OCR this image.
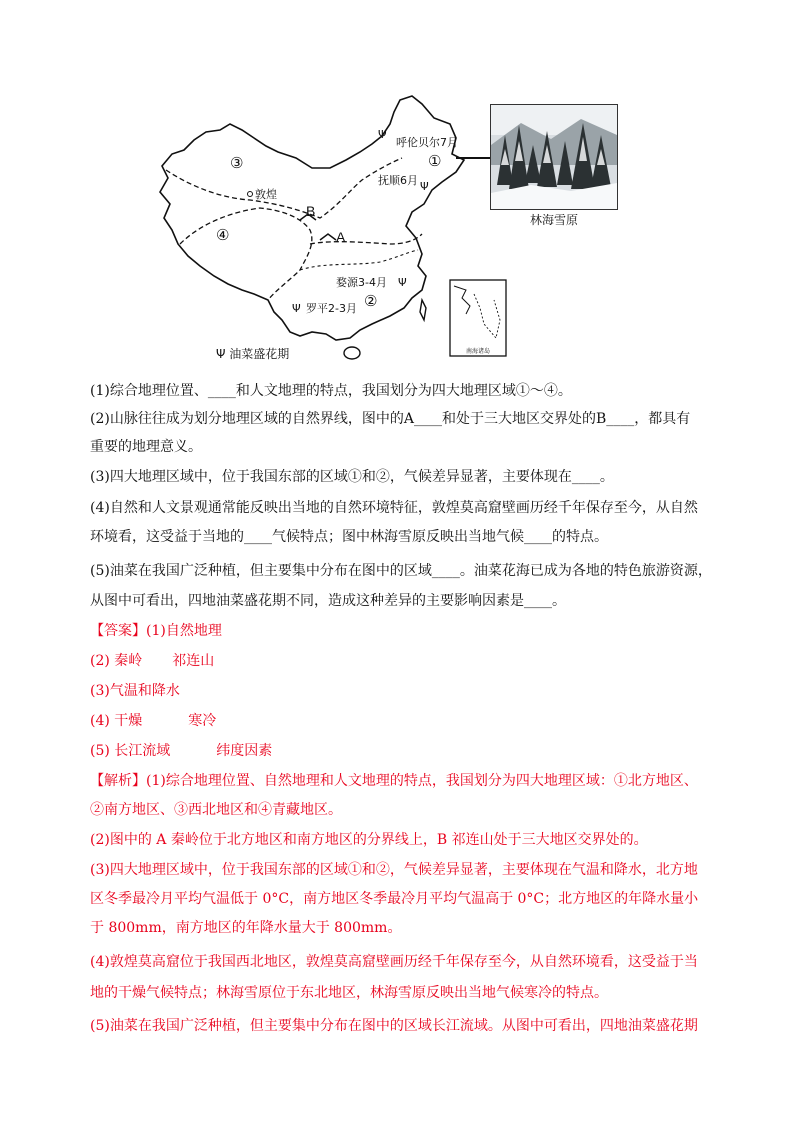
③
④
①
②
A
B
Ψ
呼伦贝尔7月
抚顺6月 Ψ
敦煌
婺源3-4月 Ψ
Ψ 罗平2-3月
南海诸岛
林海雪原
Ψ 油菜盛花期
(1)综合地理位置、____和人文地理的特点，我国划分为四大地理区域①～④。
(2)山脉往往成为划分地理区域的自然界线，图中的A____和处于三大地区交界处的B____，都具有
重要的地理意义。
(3)四大地理区域中，位于我国东部的区域①和②，气候差异显著，主要体现在____。
(4)自然和人文景观通常能反映出当地的自然环境特征，敦煌莫高窟壁画历经千年保存至今，从自然
环境看，这受益于当地的____气候特点；图中林海雪原反映出当地气候____的特点。
(5)油菜在我国广泛种植，但主要集中分布在图中的区域____。油菜花海已成为各地的特色旅游资源，
从图中可看出，四地油菜盛花期不同，造成这种差异的主要影响因素是____。
【答案】(1)自然地理
(2) 秦岭 祁连山
(3)气温和降水
(4) 干燥	寒冷
(5) 长江流域	纬度因素
【解析】(1)综合地理位置、自然地理和人文地理的特点，我国划分为四大地理区域：①北方地区、
②南方地区、③西北地区和④青藏地区。
(2)图中的 A 秦岭位于北方地区和南方地区的分界线上，B 祁连山处于三大地区交界处的。
(3)四大地理区域中，位于我国东部的区域①和②，气候差异显著，主要体现在气温和降水，北方地
区冬季最冷月平均气温低于 0°C，南方地区冬季最冷月平均气温高于 0°C；北方地区的年降水量小
于 800mm，南方地区的年降水量大于 800mm。
(4)敦煌莫高窟位于我国西北地区，敦煌莫高窟壁画历经千年保存至今，从自然环境看，这受益于当
地的干燥气候特点；林海雪原位于东北地区，林海雪原反映出当地气候寒冷的特点。
(5)油菜在我国广泛种植，但主要集中分布在图中的区域长江流域。从图中可看出，四地油菜盛花期
